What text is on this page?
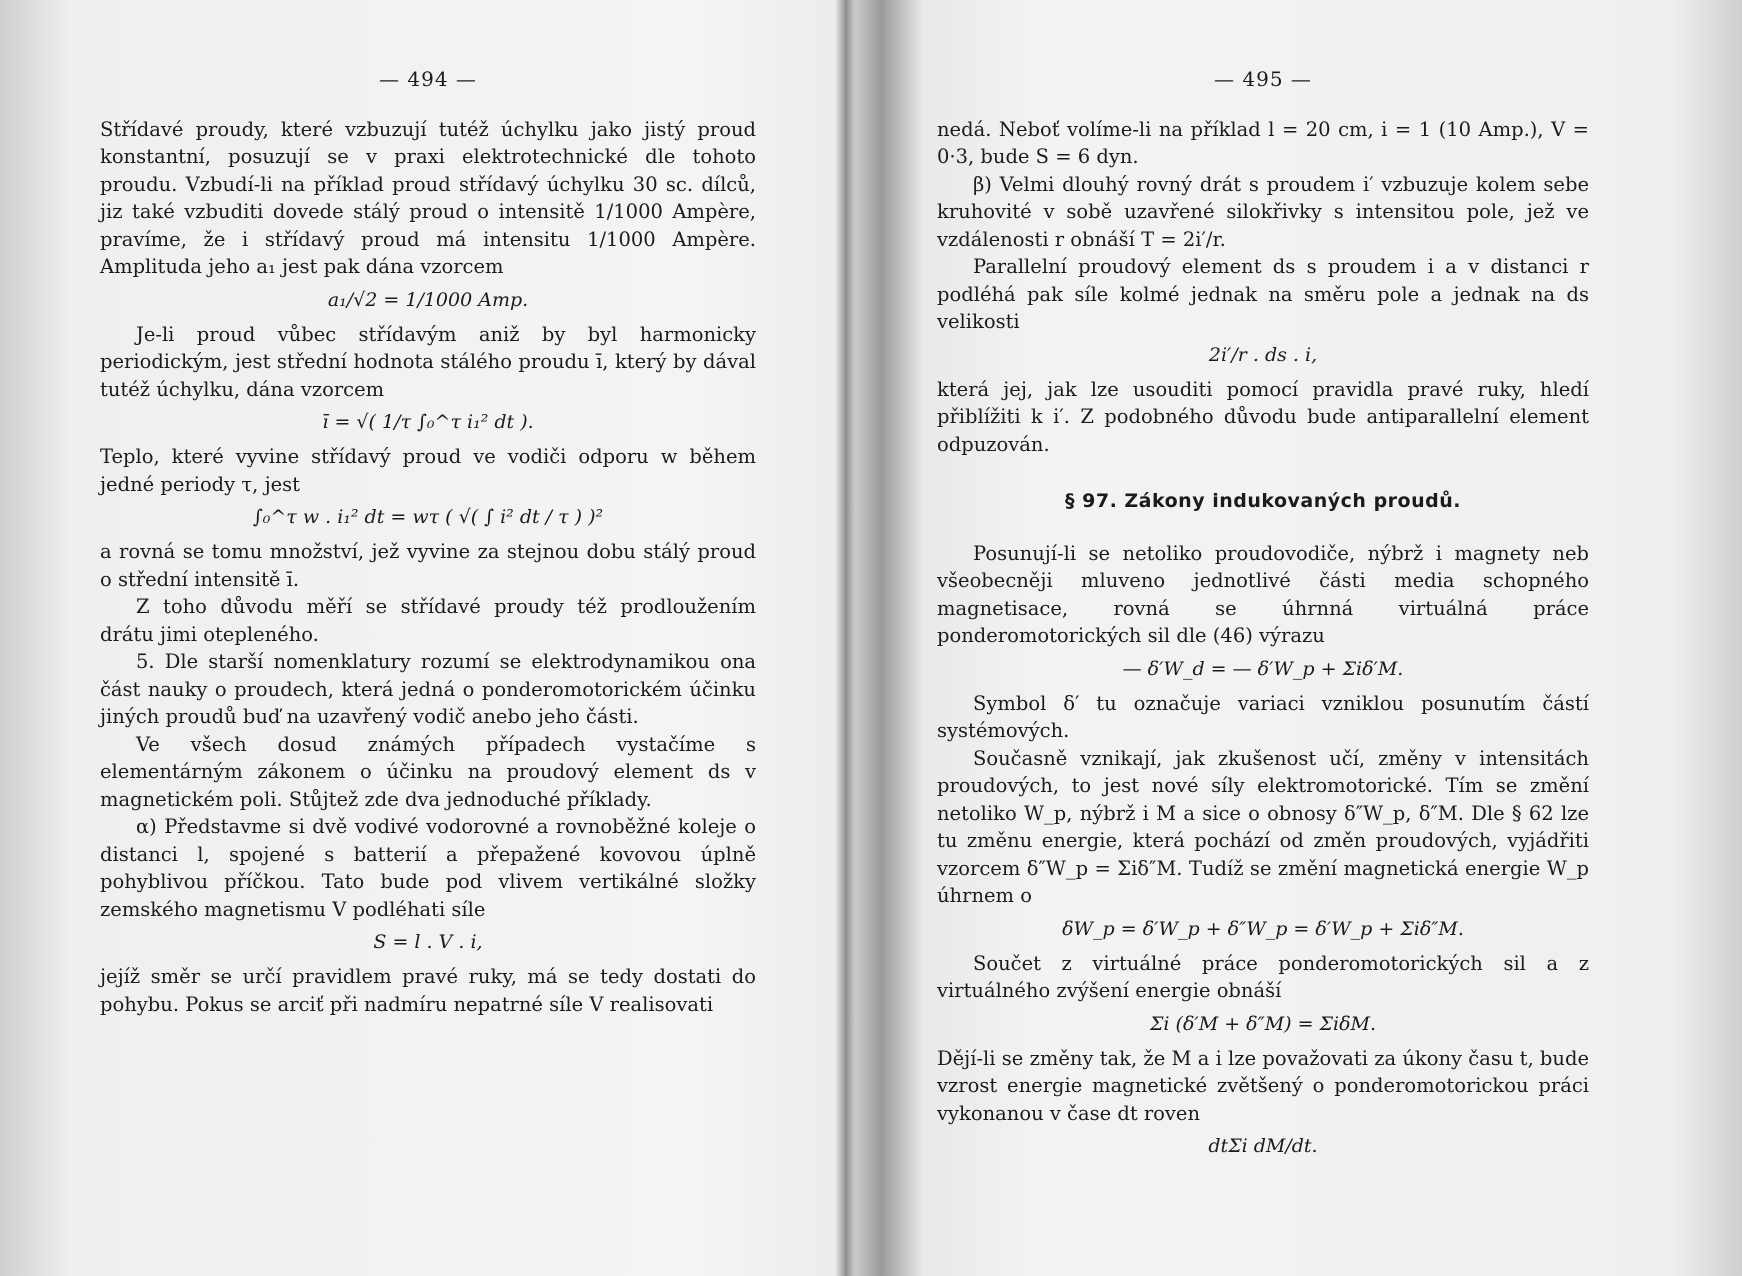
— 494 —

Střídavé proudy, které vzbuzují tutéž úchylku jako jistý proud konstantní, posuzují se v praxi elektrotechnické dle tohoto proudu. Vzbudí-li na příklad proud střídavý úchylku 30 sc. dílců, jiz také vzbuditi dovede stálý proud o intensitě 1/1000 Ampère, pravíme, že i střídavý proud má intensitu 1/1000 Ampère. Amplituda jeho a₁ jest pak dána vzorcem

a₁/√2 = 1/1000 Amp.

Je-li proud vůbec střídavým aniž by byl harmonicky periodickým, jest střední hodnota stálého proudu ī, který by dával tutéž úchylku, dána vzorcem

ī = √( 1/τ ∫₀^τ i₁² dt ).

Teplo, které vyvine střídavý proud ve vodiči odporu w během jedné periody τ, jest

∫₀^τ w . i₁² dt = wτ ( √( ∫ i² dt / τ ) )²

a rovná se tomu množství, jež vyvine za stejnou dobu stálý proud o střední intensitě ī.

Z toho důvodu měří se střídavé proudy též prodloužením drátu jimi otepleného.

5. Dle starší nomenklatury rozumí se elektrodynamikou ona část nauky o proudech, která jedná o ponderomotorickém účinku jiných proudů buď na uzavřený vodič anebo jeho části.

Ve všech dosud známých případech vystačíme s elementárným zákonem o účinku na proudový element ds v magnetickém poli. Stůjtež zde dva jednoduché příklady.

α) Představme si dvě vodivé vodorovné a rovnoběžné koleje o distanci l, spojené s batterií a přepažené kovovou úplně pohyblivou příčkou. Tato bude pod vlivem vertikálné složky zemského magnetismu V podléhati síle

S = l . V . i,

jejíž směr se určí pravidlem pravé ruky, má se tedy dostati do pohybu. Pokus se arciť při nadmíru nepatrné síle V realisovati

— 495 —

nedá. Neboť volíme-li na příklad l = 20 cm, i = 1 (10 Amp.), V = 0·3, bude S = 6 dyn.

β) Velmi dlouhý rovný drát s proudem i′ vzbuzuje kolem sebe kruhovité v sobě uzavřené silokřivky s intensitou pole, jež ve vzdálenosti r obnáší T = 2i′/r.

Parallelní proudový element ds s proudem i a v distanci r podléhá pak síle kolmé jednak na směru pole a jednak na ds velikosti

2i′/r . ds . i,

která jej, jak lze usouditi pomocí pravidla pravé ruky, hledí přiblížiti k i′. Z podobného důvodu bude antiparallelní element odpuzován.

§ 97. Zákony indukovaných proudů.

Posunují-li se netoliko proudovodiče, nýbrž i magnety neb všeobecněji mluveno jednotlivé části media schopného magnetisace, rovná se úhrnná virtuálná práce ponderomotorických sil dle (46) výrazu

— δ′W_d = — δ′W_p + Σiδ′M.

Symbol δ′ tu označuje variaci vzniklou posunutím částí systémových.

Současně vznikají, jak zkušenost učí, změny v intensitách proudových, to jest nové síly elektromotorické. Tím se změní netoliko W_p, nýbrž i M a sice o obnosy δ″W_p, δ″M. Dle § 62 lze tu změnu energie, která pochází od změn proudových, vyjádřiti vzorcem δ″W_p = Σiδ″M. Tudíž se změní magnetická energie W_p úhrnem o

δW_p = δ′W_p + δ″W_p = δ′W_p + Σiδ″M.

Součet z virtuálné práce ponderomotorických sil a z virtuálného zvýšení energie obnáší

Σi (δ′M + δ″M) = ΣiδM.

Dějí-li se změny tak, že M a i lze považovati za úkony času t, bude vzrost energie magnetické zvětšený o ponderomotorickou práci vykonanou v čase dt roven

dtΣi dM/dt.
